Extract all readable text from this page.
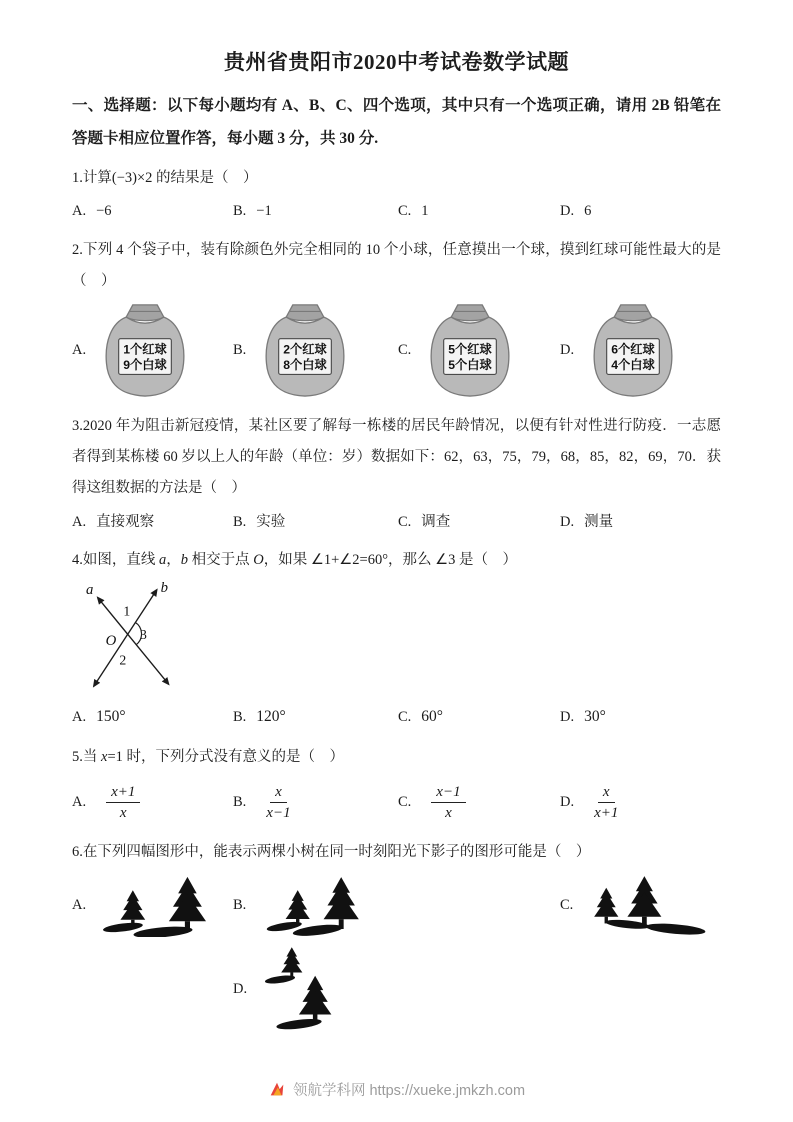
贵州省贵阳市2020中考试卷数学试题

一、选择题：以下每小题均有 A、B、C、四个选项，其中只有一个选项正确，请用 2B 铅笔在答题卡相应位置作答，每小题 3 分，共 30 分.

1.计算(−3)×2 的结果是（　）

A. −6	B. −1	C. 1	D. 6

2.下列 4 个袋子中，装有除颜色外完全相同的 10 个小球，任意摸出一个球，摸到红球可能性最大的是（　）

A.	1个红球
9个白球
B.	2个红球
8个白球
C.	5个红球
5个白球
D.	6个红球
4个白球

3.2020 年为阻击新冠疫情，某社区要了解每一栋楼的居民年龄情况，以便有针对性进行防疫．一志愿者得到某栋楼 60 岁以上人的年龄（单位：岁）数据如下：62，63，75，79，68，85，82，69，70．获得这组数据的方法是（　）

A. 直接观察	B. 实验	C. 调查	D. 测量

4.如图，直线 a，b 相交于点 O，如果 ∠1+∠2=60°，那么 ∠3 是（　）

a	b
1
O 3
2
A. 150°	B. 120°	C. 60°	D. 30°

5.当 x=1 时，下列分式没有意义的是（　）

A. $\frac{x+1}{x}$	B. $\frac{x}{x-1}$	C. $\frac{x-1}{x}$	D. $\frac{x}{x+1}$

6.在下列四幅图形中，能表示两棵小树在同一时刻阳光下影子的图形可能是（　）

A.	B.	C.
D.
领航学科网 https://xueke.jmkzh.com
